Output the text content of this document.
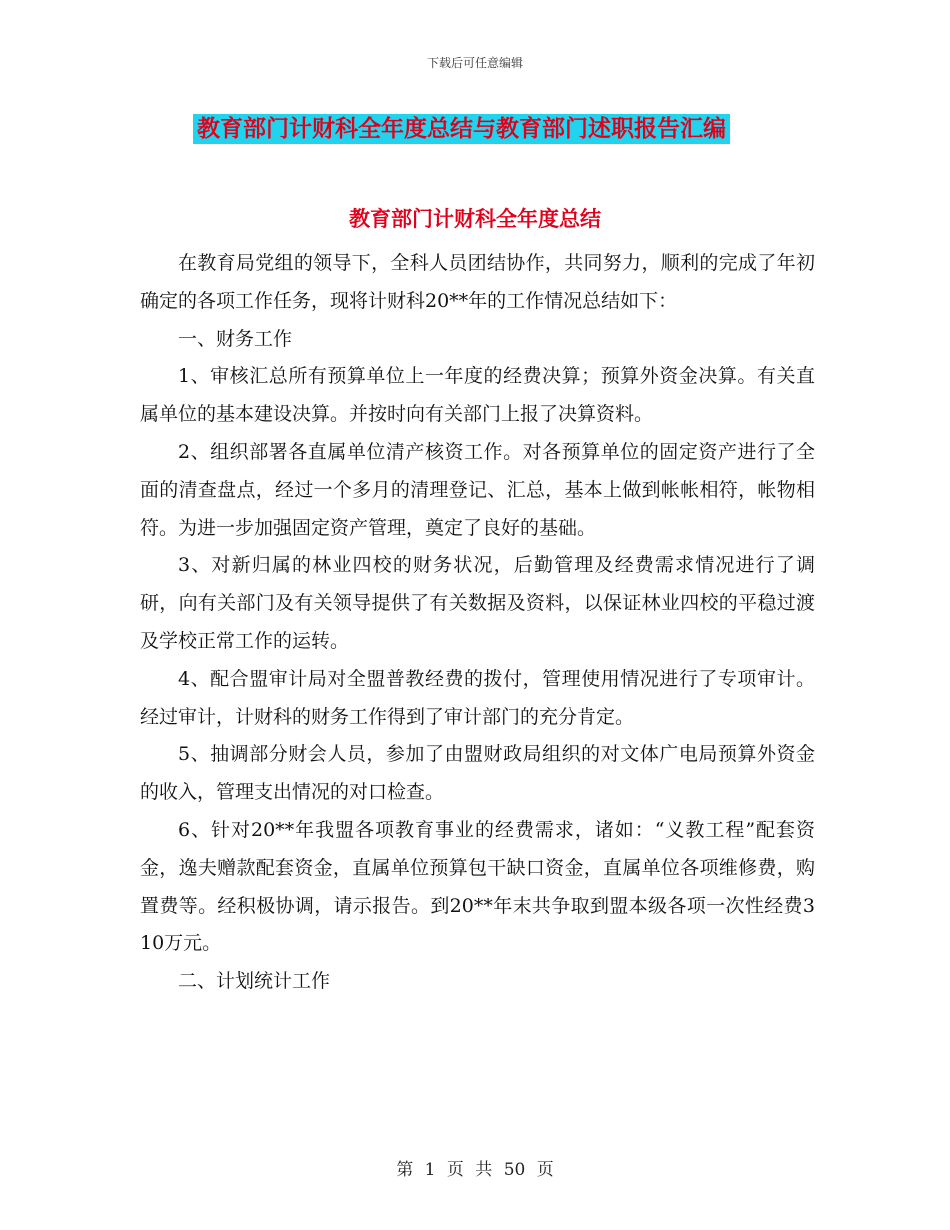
下载后可任意编辑
教育部门计财科全年度总结与教育部门述职报告汇编
教育部门计财科全年度总结

在教育局党组的领导下，全科人员团结协作，共同努力，顺利的完成了年初确定的各项工作任务，现将计财科20**年的工作情况总结如下：

一、财务工作

1、审核汇总所有预算单位上一年度的经费决算；预算外资金决算。有关直属单位的基本建设决算。并按时向有关部门上报了决算资料。

2、组织部署各直属单位清产核资工作。对各预算单位的固定资产进行了全面的清查盘点，经过一个多月的清理登记、汇总，基本上做到帐帐相符，帐物相符。为进一步加强固定资产管理，奠定了良好的基础。

3、对新归属的林业四校的财务状况，后勤管理及经费需求情况进行了调研，向有关部门及有关领导提供了有关数据及资料，以保证林业四校的平稳过渡及学校正常工作的运转。

4、配合盟审计局对全盟普教经费的拨付，管理使用情况进行了专项审计。经过审计，计财科的财务工作得到了审计部门的充分肯定。

5、抽调部分财会人员，参加了由盟财政局组织的对文体广电局预算外资金的收入，管理支出情况的对口检查。

6、针对20**年我盟各项教育事业的经费需求，诸如：“义教工程”配套资金，逸夫赠款配套资金，直属单位预算包干缺口资金，直属单位各项维修费，购置费等。经积极协调，请示报告。到20**年末共争取到盟本级各项一次性经费310万元。

二、计划统计工作

第 1 页 共 50 页
